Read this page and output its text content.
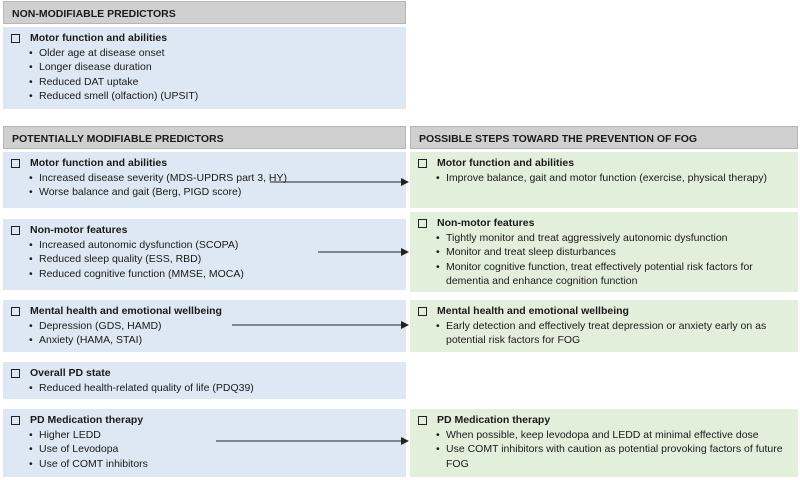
NON-MODIFIABLE PREDICTORS
Motor function and abilities
• Older age at disease onset
• Longer disease duration
• Reduced DAT uptake
• Reduced smell (olfaction) (UPSIT)
POTENTIALLY MODIFIABLE PREDICTORS
Motor function and abilities
• Increased disease severity (MDS-UPDRS part 3, HY)
• Worse balance and gait (Berg, PIGD score)
Non-motor features
• Increased autonomic dysfunction (SCOPA)
• Reduced sleep quality (ESS, RBD)
• Reduced cognitive function (MMSE, MOCA)
Mental health and emotional wellbeing
• Depression (GDS, HAMD)
• Anxiety (HAMA, STAI)
Overall PD state
• Reduced health-related quality of life (PDQ39)
PD Medication therapy
• Higher LEDD
• Use of Levodopa
• Use of COMT inhibitors
POSSIBLE STEPS TOWARD THE PREVENTION OF FOG
Motor function and abilities
• Improve balance, gait and motor function (exercise, physical therapy)
Non-motor features
• Tightly monitor and treat aggressively autonomic dysfunction
• Monitor and treat sleep disturbances
• Monitor cognitive function, treat effectively potential risk factors for dementia and enhance cognition function
Mental health and emotional wellbeing
• Early detection and effectively treat depression or anxiety early on as potential risk factors for FOG
PD Medication therapy
• When possible, keep levodopa and LEDD at minimal effective dose
• Use COMT inhibitors with caution as potential provoking factors of future FOG
